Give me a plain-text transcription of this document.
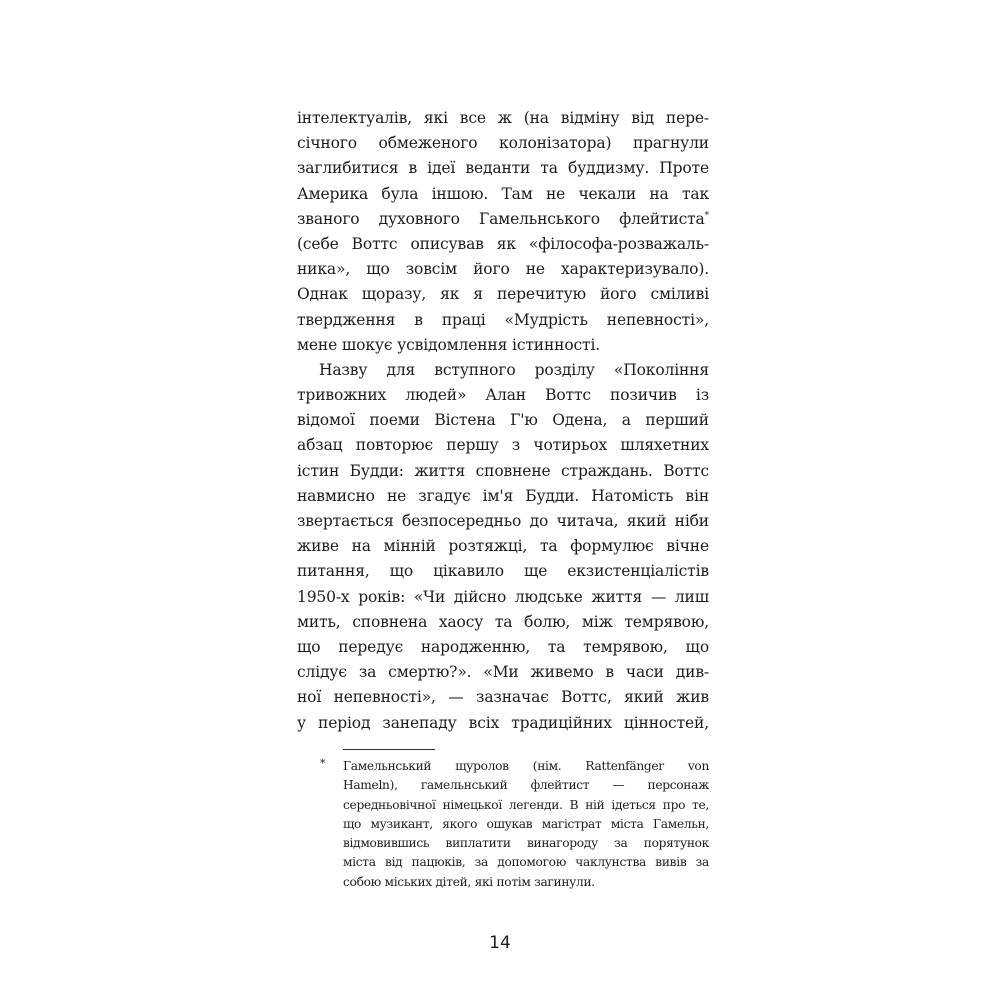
інтелектуалів, які все ж (на відміну від пере-
січного обмеженого колонізатора) прагнули
заглибитися в ідеї веданти та буддизму. Проте
Америка була іншою. Там не чекали на так
званого духовного Гамельнського флейтиста*
(себе Воттс описував як «філософа-розважаль-
ника», що зовсім його не характеризувало).
Однак щоразу, як я перечитую його сміливі
твердження в праці «Мудрість непевності»,
мене шокує усвідомлення істинності.
Назву для вступного розділу «Покоління
тривожних людей» Алан Воттс позичив із
відомої поеми Вістена Г'ю Одена, а перший
абзац повторює першу з чотирьох шляхетних
істин Будди: життя сповнене страждань. Воттс
навмисно не згадує ім'я Будди. Натомість він
звертається безпосередньо до читача, який ніби
живе на мінній розтяжці, та формулює вічне
питання, що цікавило ще екзистенціалістів
1950-х років: «Чи дійсно людське життя — лиш
мить, сповнена хаосу та болю, між темрявою,
що передує народженню, та темрявою, що
слідує за смертю?». «Ми живемо в часи див-
ної непевності», — зазначає Воттс, який жив
у період занепаду всіх традиційних цінностей,
* Гамельнський щуролов (нім. Rattenfänger von
Hameln), гамельнський флейтист — персонаж
середньовічної німецької легенди. В ній ідеться про те,
що музикант, якого ошукав магістрат міста Гамельн,
відмовившись виплатити винагороду за порятунок
міста від пацюків, за допомогою чаклунства вивів за
собою міських дітей, які потім загинули.
14
